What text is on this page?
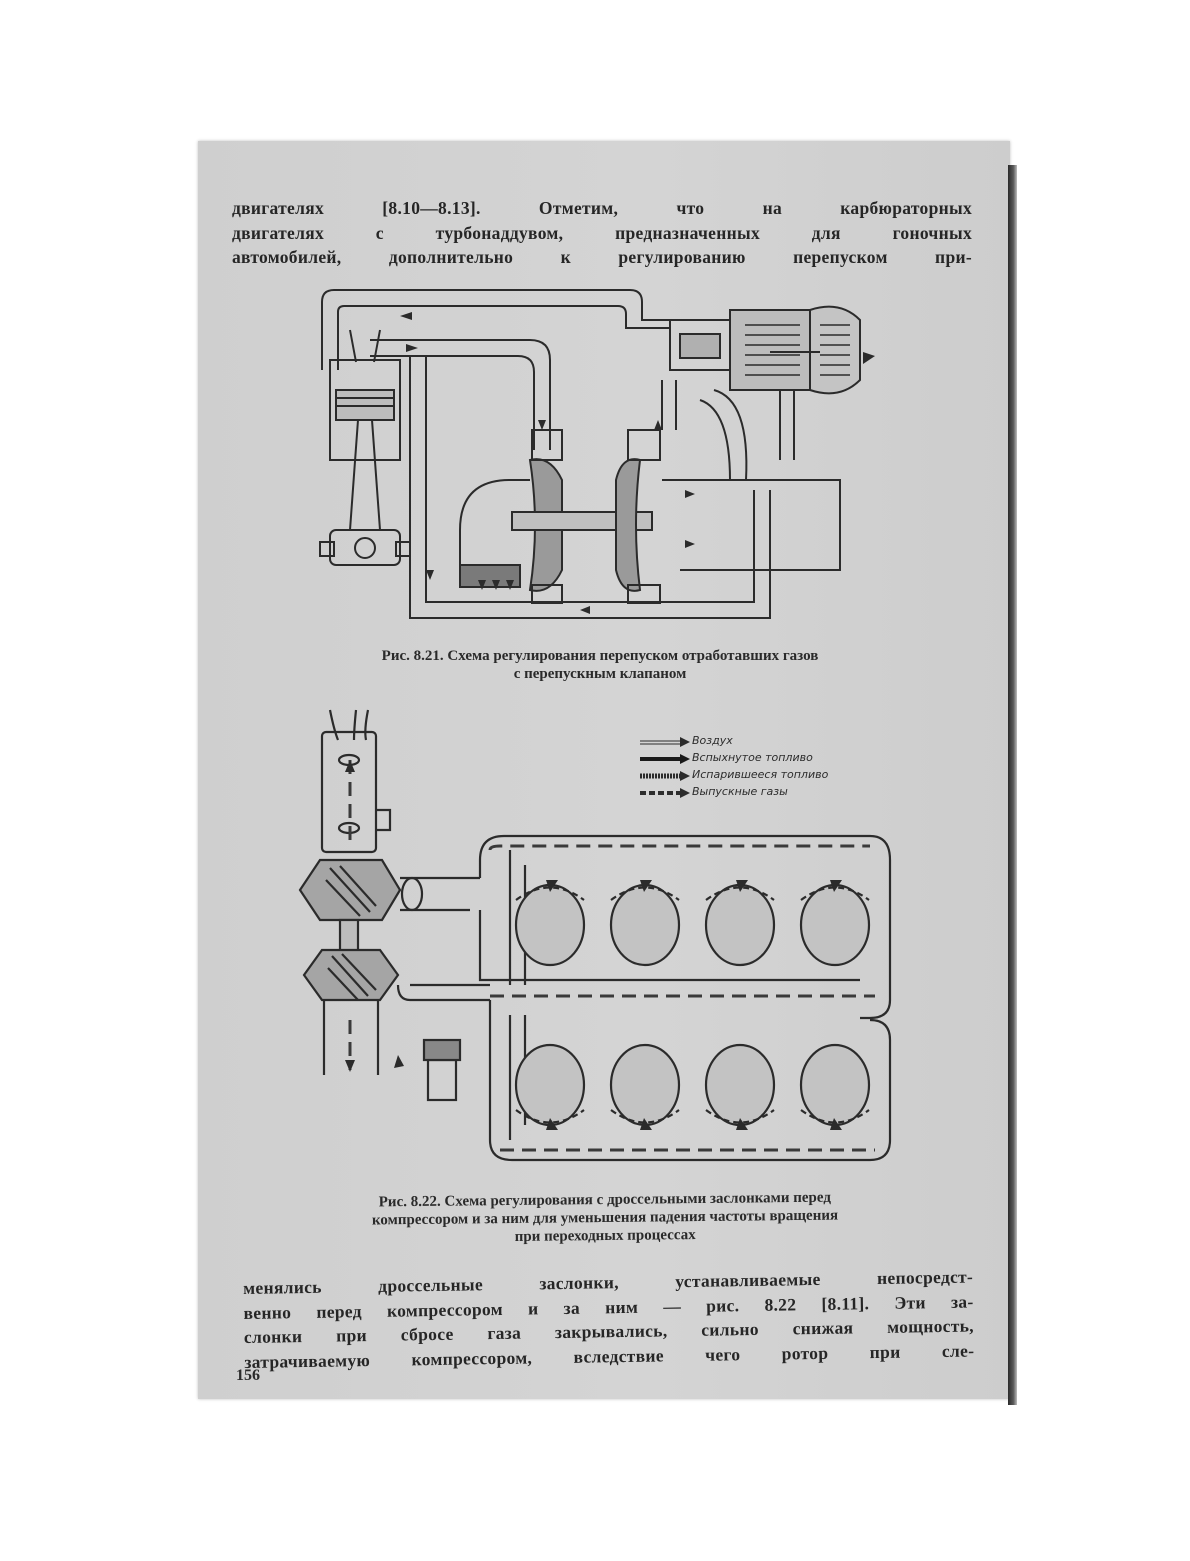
двигателях [8.10—8.13]. Отметим, что на карбюраторных
двигателях с турбонаддувом, предназначенных для гоночных
автомобилей, дополнительно к регулированию перепуском при-
Рис. 8.21. Схема регулирования перепуском отработавших газов
с перепускным клапаном
Воздух
Вспыхнутое топливо
Испарившееся топливо
Выпускные газы
Рис. 8.22. Схема регулирования с дроссельными заслонками перед
компрессором и за ним для уменьшения падения частоты вращения
при переходных процессах
менялись дроссельные заслонки, устанавливаемые непосредст-
венно перед компрессором и за ним — рис. 8.22 [8.11]. Эти за-
слонки при сбросе газа закрывались, сильно снижая мощность,
затрачиваемую компрессором, вследствие чего ротор при сле-
156
